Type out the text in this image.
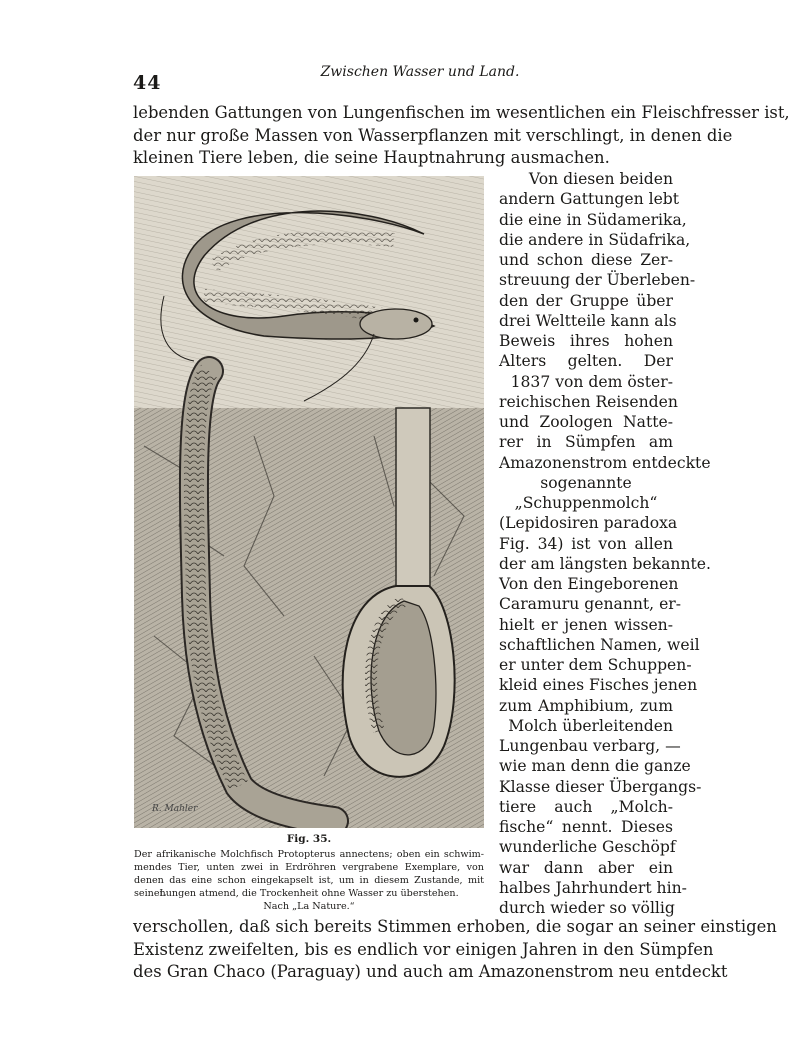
44	Zwischen Wasser und Land.
lebenden Gattungen von Lungenfischen im wesentlichen ein Fleischfresser ist,
der nur große Massen von Wasserpflanzen mit verschlingt, in denen die
kleinen Tiere leben, die seine Hauptnahrung ausmachen.
R. Mahler
Fig. 35.
Der afrikanische Molchfisch Protopterus annectens; oben ein schwim-
mendes Tier, unten zwei in Erdröhren vergrabene Exemplare, von
denen das eine schon eingekapselt ist, um in diesem Zustande, mit seinen
Lungen atmend, die Trockenheit ohne Wasser zu überstehen.
Nach „La Nature.“
Von diesen beiden
andern Gattungen lebt
die eine in Südamerika,
die andere in Südafrika,
und schon diese Zer-
streuung der Überleben-
den der Gruppe über
drei Weltteile kann als
Beweis ihres hohen
Alters gelten. Der
1837 von dem öster-
reichischen Reisenden
und Zoologen Natte-
rer in Sümpfen am
Amazonenstrom entdeckte
sogenannte
„Schuppenmolch“
(Lepidosiren paradoxa
Fig. 34) ist von allen
der am längsten bekannte.
Von den Eingeborenen
Caramuru genannt, er-
hielt er jenen wissen-
schaftlichen Namen, weil
er unter dem Schuppen-
kleid eines Fisches jenen
zum Amphibium, zum
Molch überleitenden
Lungenbau verbarg, —
wie man denn die ganze
Klasse dieser Übergangs-
tiere auch „Molch-
fische“ nennt. Dieses
wunderliche Geschöpf
war dann aber ein
halbes Jahrhundert hin-
durch wieder so völlig
verschollen, daß sich bereits Stimmen erhoben, die sogar an seiner einstigen
Existenz zweifelten, bis es endlich vor einigen Jahren in den Sümpfen
des Gran Chaco (Paraguay) und auch am Amazonenstrom neu entdeckt
